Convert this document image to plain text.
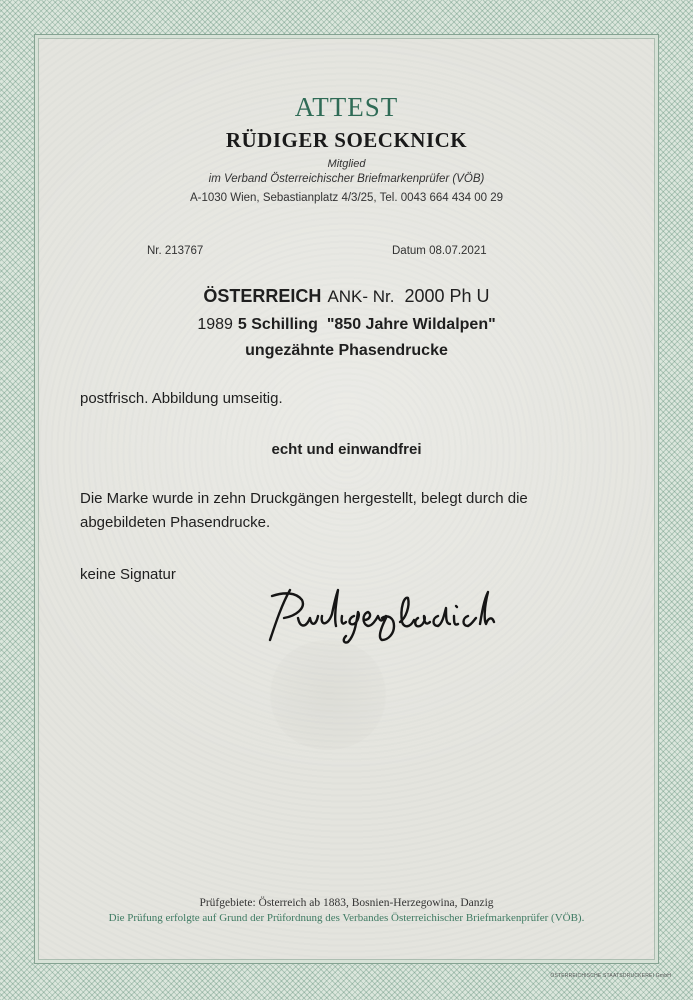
ATTEST
RÜDIGER SOECKNICK
Mitglied
im Verband Österreichischer Briefmarkenprüfer (VÖB)
A-1030 Wien, Sebastianplatz 4/3/25, Tel. 0043 664 434 00 29
Nr. 213767	Datum 08.07.2021
ÖSTERREICH ANK- Nr. 2000 Ph U
1989 5 Schilling "850 Jahre Wildalpen"
ungezähnte Phasendrucke
postfrisch. Abbildung umseitig.
echt und einwandfrei
Die Marke wurde in zehn Druckgängen hergestellt, belegt durch die
abgebildeten Phasendrucke.
keine Signatur
Prüfgebiete: Österreich ab 1883, Bosnien-Herzegowina, Danzig
Die Prüfung erfolgte auf Grund der Prüfordnung des Verbandes Österreichischer Briefmarkenprüfer (VÖB).
ÖSTERREICHISCHE STAATSDRUCKEREI GmbH
